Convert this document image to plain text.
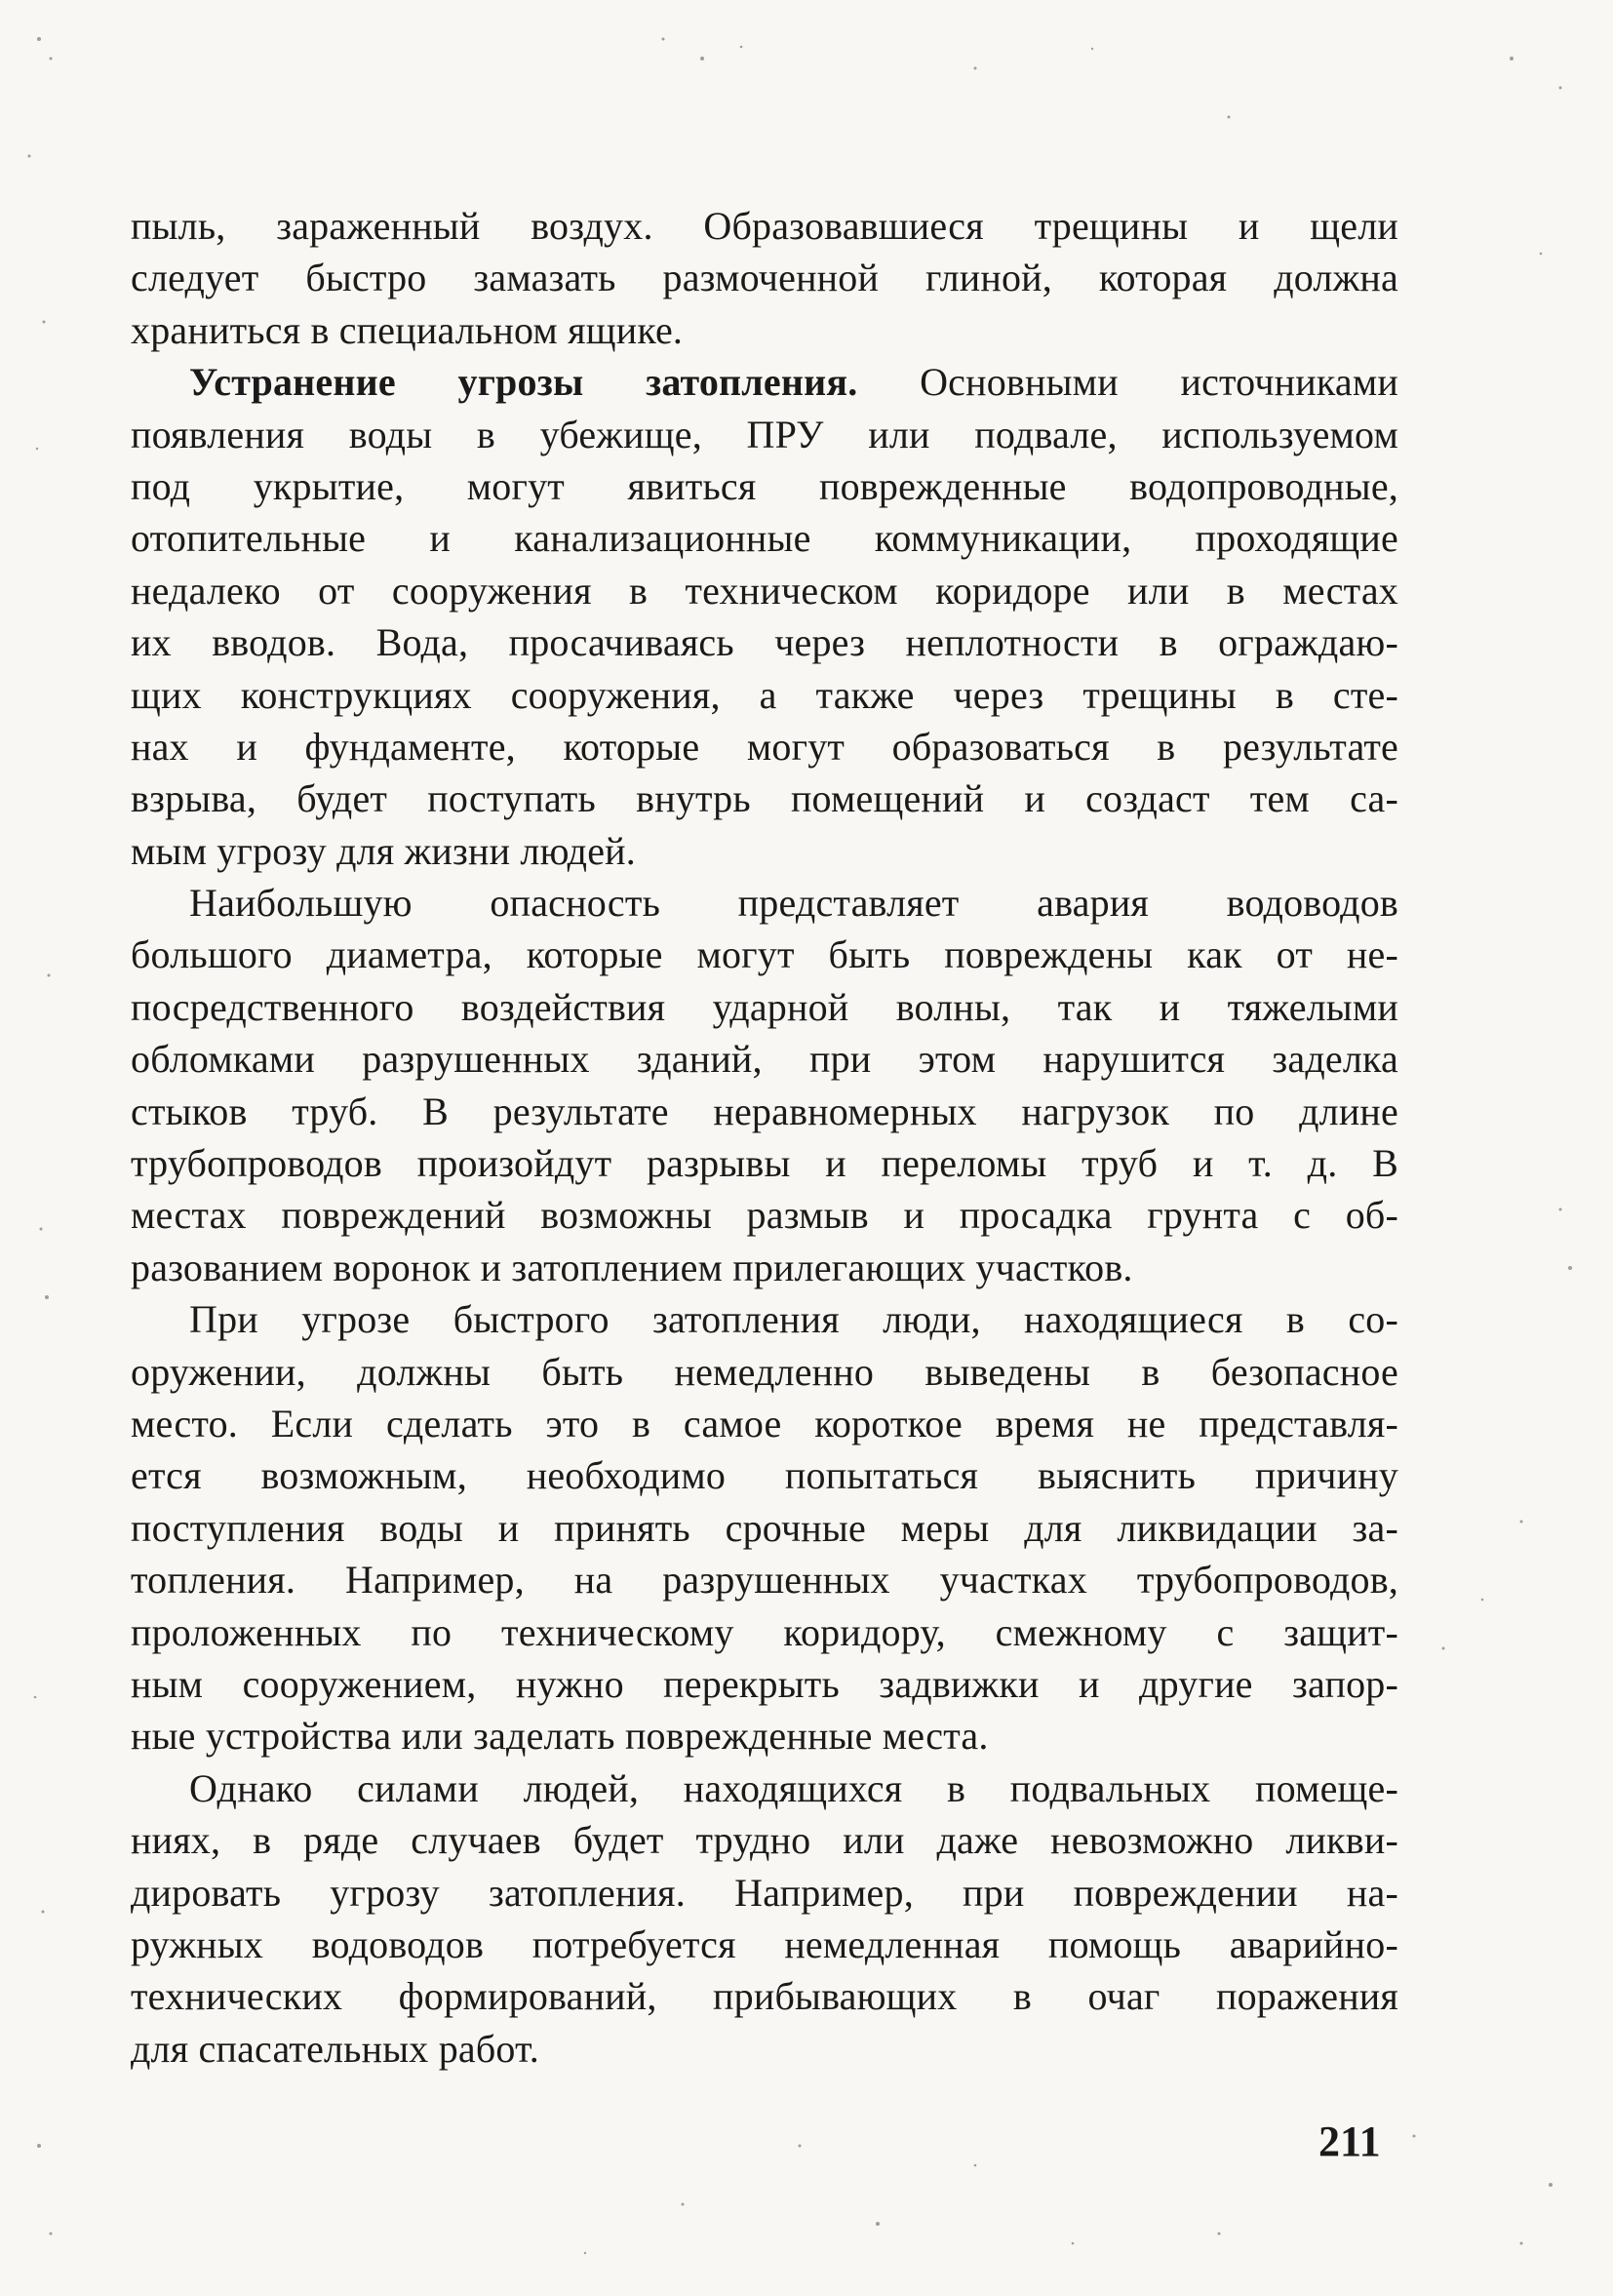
пыль, зараженный воздух. Образовавшиеся трещины и щели
следует быстро замазать размоченной глиной, которая должна
храниться в специальном ящике.
Устранение угрозы затопления. Основными источниками
появления воды в убежище, ПРУ или подвале, используемом
под укрытие, могут явиться поврежденные водопроводные,
отопительные и канализационные коммуникации, проходящие
недалеко от сооружения в техническом коридоре или в местах
их вводов. Вода, просачиваясь через неплотности в ограждаю-
щих конструкциях сооружения, а также через трещины в сте-
нах и фундаменте, которые могут образоваться в результате
взрыва, будет поступать внутрь помещений и создаст тем са-
мым угрозу для жизни людей.
Наибольшую опасность представляет авария водоводов
большого диаметра, которые могут быть повреждены как от не-
посредственного воздействия ударной волны, так и тяжелыми
обломками разрушенных зданий, при этом нарушится заделка
стыков труб. В результате неравномерных нагрузок по длине
трубопроводов произойдут разрывы и переломы труб и т. д. В
местах повреждений возможны размыв и просадка грунта с об-
разованием воронок и затоплением прилегающих участков.
При угрозе быстрого затопления люди, находящиеся в со-
оружении, должны быть немедленно выведены в безопасное
место. Если сделать это в самое короткое время не представля-
ется возможным, необходимо попытаться выяснить причину
поступления воды и принять срочные меры для ликвидации за-
топления. Например, на разрушенных участках трубопроводов,
проложенных по техническому коридору, смежному с защит-
ным сооружением, нужно перекрыть задвижки и другие запор-
ные устройства или заделать поврежденные места.
Однако силами людей, находящихся в подвальных помеще-
ниях, в ряде случаев будет трудно или даже невозможно ликви-
дировать угрозу затопления. Например, при повреждении на-
ружных водоводов потребуется немедленная помощь аварийно-
технических формирований, прибывающих в очаг поражения
для спасательных работ.
211
